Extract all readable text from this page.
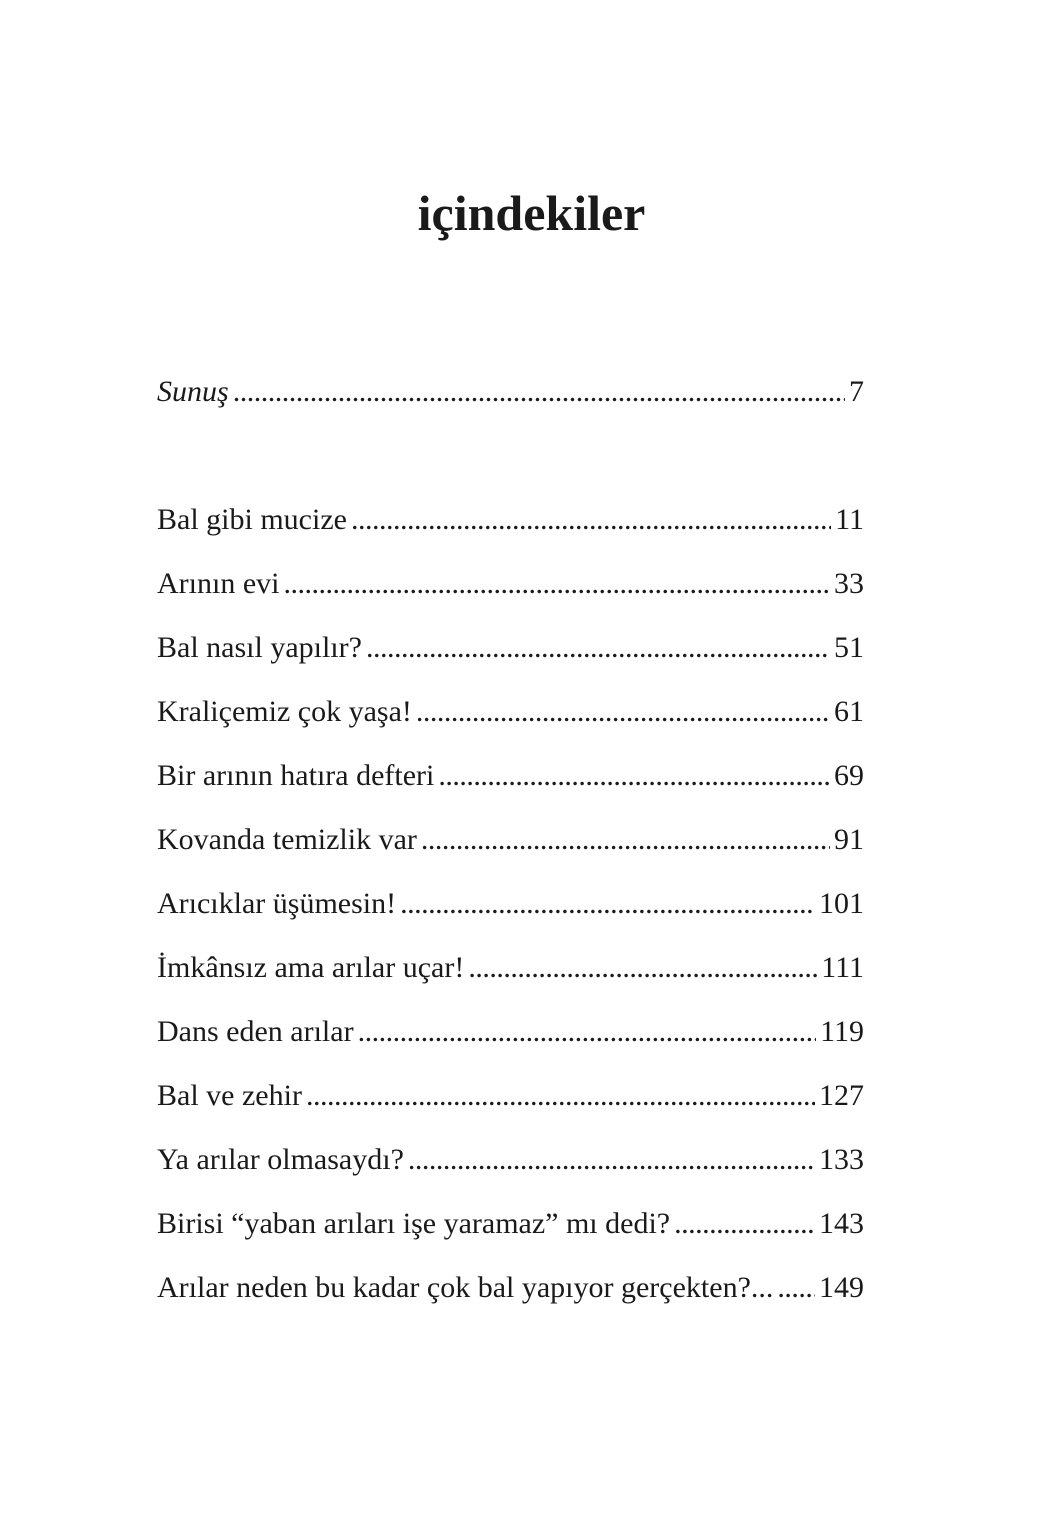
içindekiler
Sunuş . . .	7
Bal gibi mucize . . .	11
Arının evi . . .	33
Bal nasıl yapılır? . . .	51
Kraliçemiz çok yaşa! . . .	61
Bir arının hatıra defteri . . .	69
Kovanda temizlik var . . .	91
Arıcıklar üşümesin! . . .	101
İmkânsız ama arılar uçar! . . .	111
Dans eden arılar . . .	119
Bal ve zehir . . .	127
Ya arılar olmasaydı? . . .	133
Birisi “yaban arıları işe yaramaz” mı dedi? . . .	143
Arılar neden bu kadar çok bal yapıyor gerçekten?... . . . 149
